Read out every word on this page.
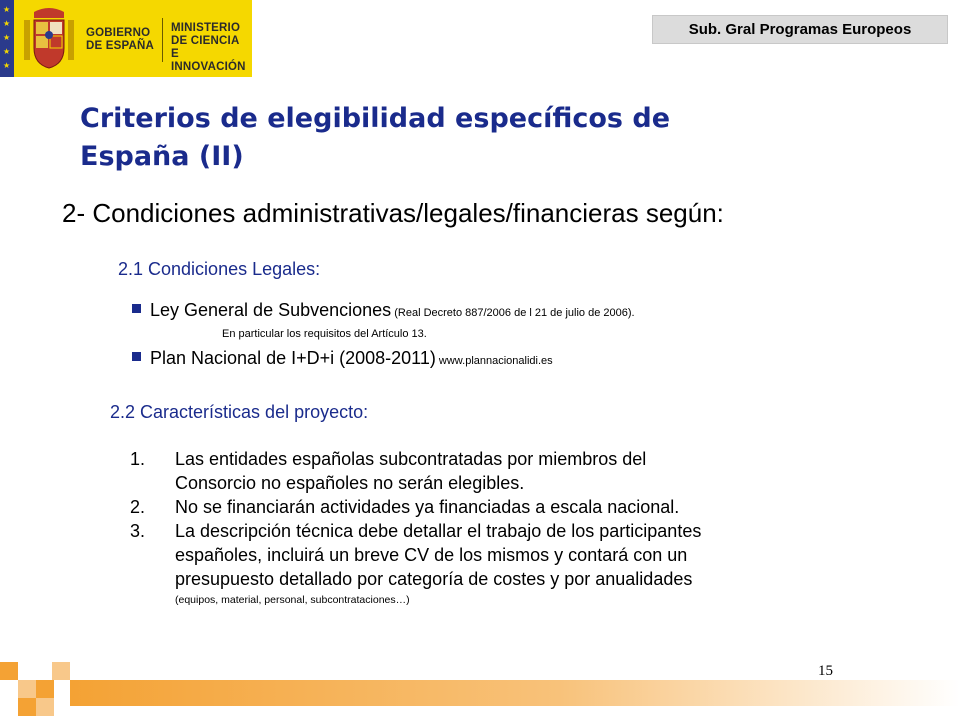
★
★
★
★
★
GOBIERNO
DE ESPAÑA
MINISTERIO
DE CIENCIA
E INNOVACIÓN
Sub. Gral Programas Europeos
Criterios de elegibilidad específicos de
España (II)
2- Condiciones administrativas/legales/financieras según:
2.1 Condiciones Legales:
Ley General de Subvenciones (Real Decreto 887/2006 de l 21 de julio de 2006).
En particular los requisitos del Artículo 13.
Plan Nacional de I+D+i (2008-2011) www.plannacionalidi.es
2.2 Características del proyecto:
1. Las entidades españolas subcontratadas por miembros del
Consorcio no españoles no serán elegibles.
2. No se financiarán actividades ya financiadas a escala nacional.
3. La descripción técnica debe detallar el trabajo de los participantes
españoles, incluirá un breve CV de los mismos y contará con un
presupuesto detallado por categoría de costes y por anualidades
(equipos, material, personal, subcontrataciones…)
15
